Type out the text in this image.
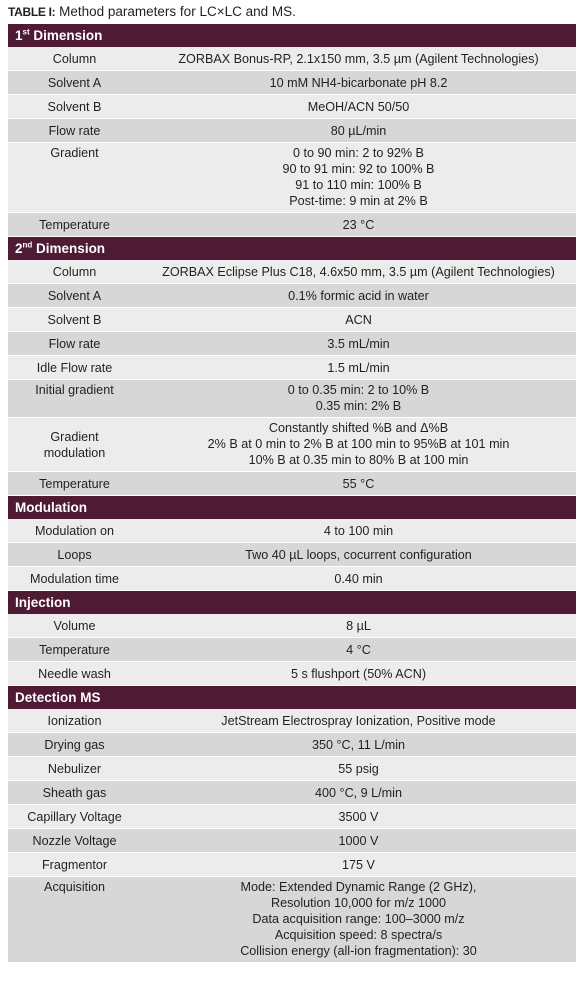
TABLE I: Method parameters for LC×LC and MS.
1st Dimension	
Column	ZORBAX Bonus-RP, 2.1x150 mm, 3.5 µm (Agilent Technologies)

Solvent A	10 mM NH4-bicarbonate pH 8.2

Solvent B	MeOH/ACN 50/50

Flow rate	80 µL/min

Gradient	0 to 90 min: 2 to 92% B
90 to 91 min: 92 to 100% B
91 to 110 min: 100% B
Post-time: 9 min at 2% B

Temperature	23 °C

2nd Dimension	
Column	ZORBAX Eclipse Plus C18, 4.6x50 mm, 3.5 µm (Agilent Technologies)

Solvent A	0.1% formic acid in water

Solvent B	ACN

Flow rate	3.5 mL/min

Idle Flow rate	1.5 mL/min

Initial gradient	0 to 0.35 min: 2 to 10% B
0.35 min: 2% B

Gradient
modulation	Constantly shifted %B and Δ%B
2% B at 0 min to 2% B at 100 min to 95%B at 101 min
10% B at 0.35 min to 80% B at 100 min

Temperature	55 °C

Modulation	
Modulation on	4 to 100 min

Loops	Two 40 µL loops, cocurrent configuration

Modulation time	0.40 min

Injection	
Volume	8 µL

Temperature	4 °C

Needle wash	5 s flushport (50% ACN)

Detection MS	
Ionization	JetStream Electrospray Ionization, Positive mode

Drying gas	350 °C, 11 L/min

Nebulizer	55 psig

Sheath gas	400 °C, 9 L/min

Capillary Voltage	3500 V

Nozzle Voltage	1000 V

Fragmentor	175 V

Acquisition	Mode: Extended Dynamic Range (2 GHz),
Resolution 10,000 for m/z 1000
Data acquisition range: 100–3000 m/z
Acquisition speed: 8 spectra/s
Collision energy (all-ion fragmentation): 30
